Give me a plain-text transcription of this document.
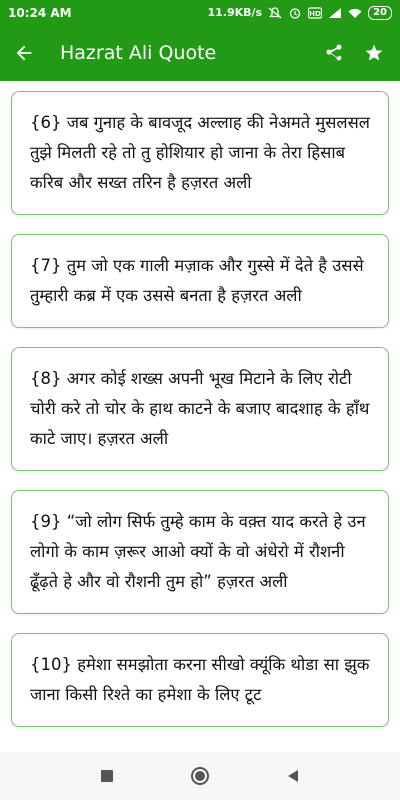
10:24 AM	11.9KB/s	HD	20
Hazrat Ali Quote
{6} जब गुनाह के बावजूद अल्लाह की नेअमते मुसलसल तुझे मिलती रहे तो तु होशियार हो जाना के तेरा हिसाब करिब और सख्त तरिन है हज़रत अली
{7} तुम जो एक गाली मज़ाक और गुस्से में देते है उससे तुम्हारी कब्र में एक उससे बनता है हज़रत अली
{8} अगर कोई शख्स अपनी भूख मिटाने के लिए रोटी चोरी करे तो चोर के हाथ काटने के बजाए बादशाह के हाँथ काटे जाए। हज़रत अली
{9} “जो लोग सिर्फ तुम्हे काम के वक़्त याद करते हे उन लोगो के काम ज़रूर आओ क्यों के वो अंधेरो में रौशनी ढूँढ़ते हे और वो रौशनी तुम हो” हज़रत अली
{10} हमेशा समझोता करना सीखो क्यूंकि थोडा सा झुक जाना किसी रिश्ते का हमेशा के लिए टूट
